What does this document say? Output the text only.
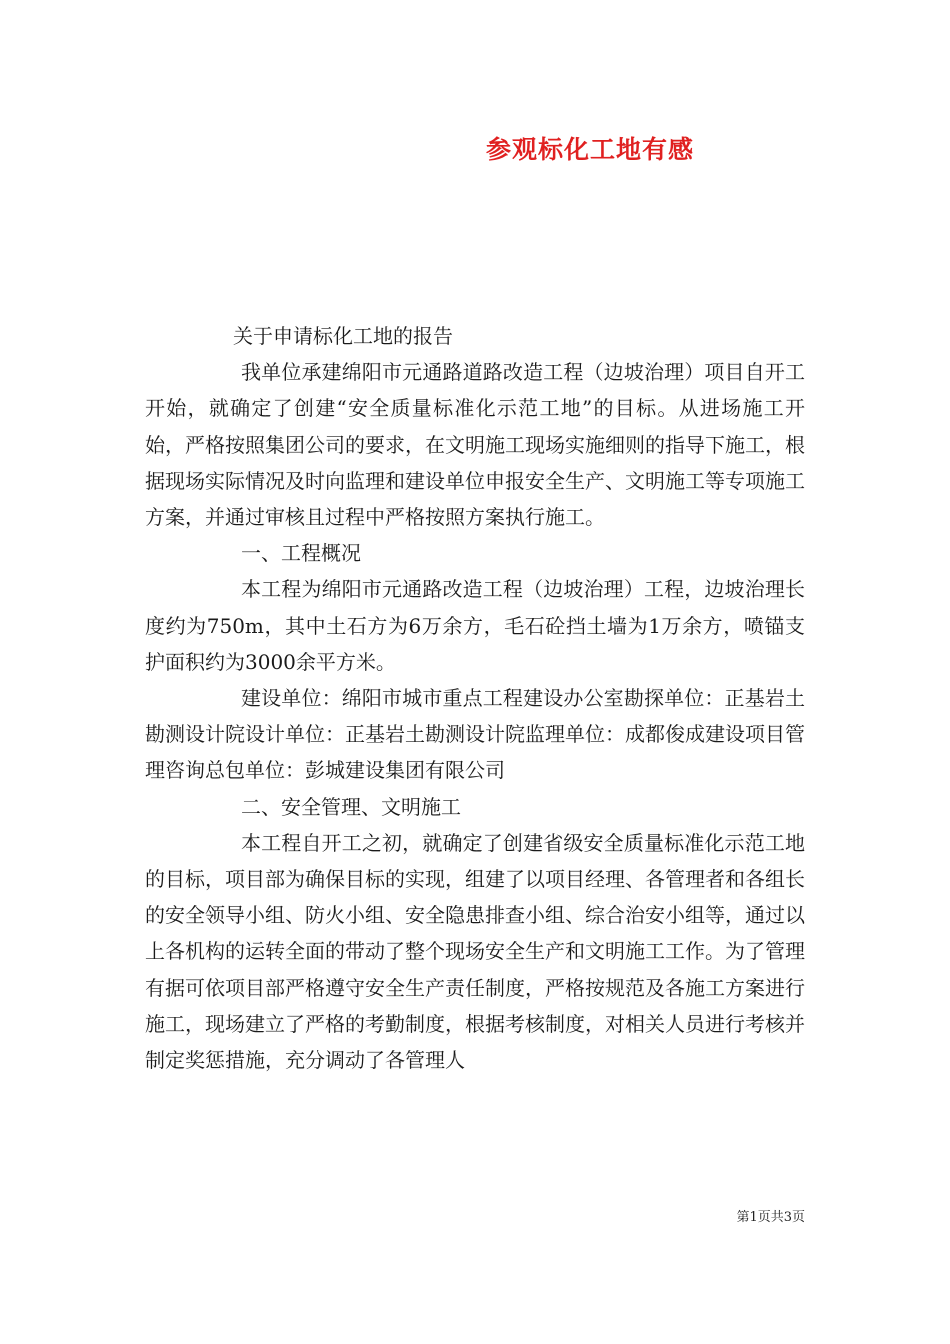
参观标化工地有感

关于申请标化工地的报告

我单位承建绵阳市元通路道路改造工程（边坡治理）项目自开工开始，就确定了创建“安全质量标准化示范工地”的目标。从进场施工开始，严格按照集团公司的要求，在文明施工现场实施细则的指导下施工，根据现场实际情况及时向监理和建设单位申报安全生产、文明施工等专项施工方案，并通过审核且过程中严格按照方案执行施工。

一、工程概况

本工程为绵阳市元通路改造工程（边坡治理）工程，边坡治理长度约为750m，其中土石方为6万余方，毛石砼挡土墙为1万余方，喷锚支护面积约为3000余平方米。

建设单位：绵阳市城市重点工程建设办公室勘探单位：正基岩土勘测设计院设计单位：正基岩土勘测设计院监理单位：成都俊成建设项目管理咨询总包单位：彭城建设集团有限公司

二、安全管理、文明施工

本工程自开工之初，就确定了创建省级安全质量标准化示范工地的目标，项目部为确保目标的实现，组建了以项目经理、各管理者和各组长的安全领导小组、防火小组、安全隐患排查小组、综合治安小组等，通过以上各机构的运转全面的带动了整个现场安全生产和文明施工工作。为了管理有据可依项目部严格遵守安全生产责任制度，严格按规范及各施工方案进行施工，现场建立了严格的考勤制度，根据考核制度，对相关人员进行考核并制定奖惩措施，充分调动了各管理人

第1页共3页
